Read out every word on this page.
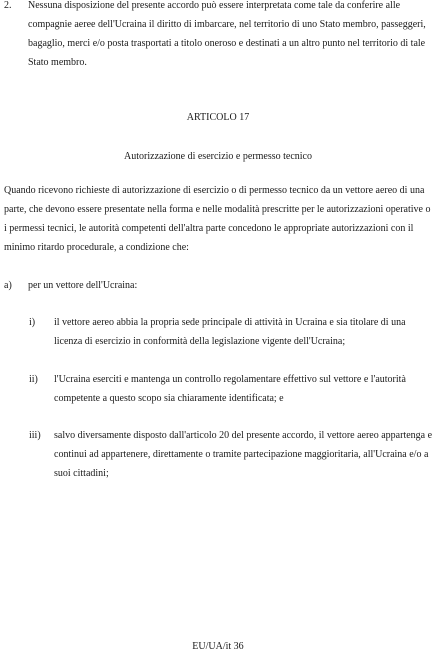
2.	Nessuna disposizione del presente accordo può essere interpretata come tale da conferire alle compagnie aeree dell'Ucraina il diritto di imbarcare, nel territorio di uno Stato membro, passeggeri, bagaglio, merci e/o posta trasportati a titolo oneroso e destinati a un altro punto nel territorio di tale Stato membro.
ARTICOLO 17
Autorizzazione di esercizio e permesso tecnico
Quando ricevono richieste di autorizzazione di esercizio o di permesso tecnico da un vettore aereo di una parte, che devono essere presentate nella forma e nelle modalità prescritte per le autorizzazioni operative o i permessi tecnici, le autorità competenti dell'altra parte concedono le appropriate autorizzazioni con il minimo ritardo procedurale, a condizione che:
a)	per un vettore dell'Ucraina:
i)	il vettore aereo abbia la propria sede principale di attività in Ucraina e sia titolare di una licenza di esercizio in conformità della legislazione vigente dell'Ucraina;
ii)	l'Ucraina eserciti e mantenga un controllo regolamentare effettivo sul vettore e l'autorità competente a questo scopo sia chiaramente identificata; e
iii)	salvo diversamente disposto dall'articolo 20 del presente accordo, il vettore aereo appartenga e continui ad appartenere, direttamente o tramite partecipazione maggioritaria, all'Ucraina e/o a suoi cittadini;
EU/UA/it 36
